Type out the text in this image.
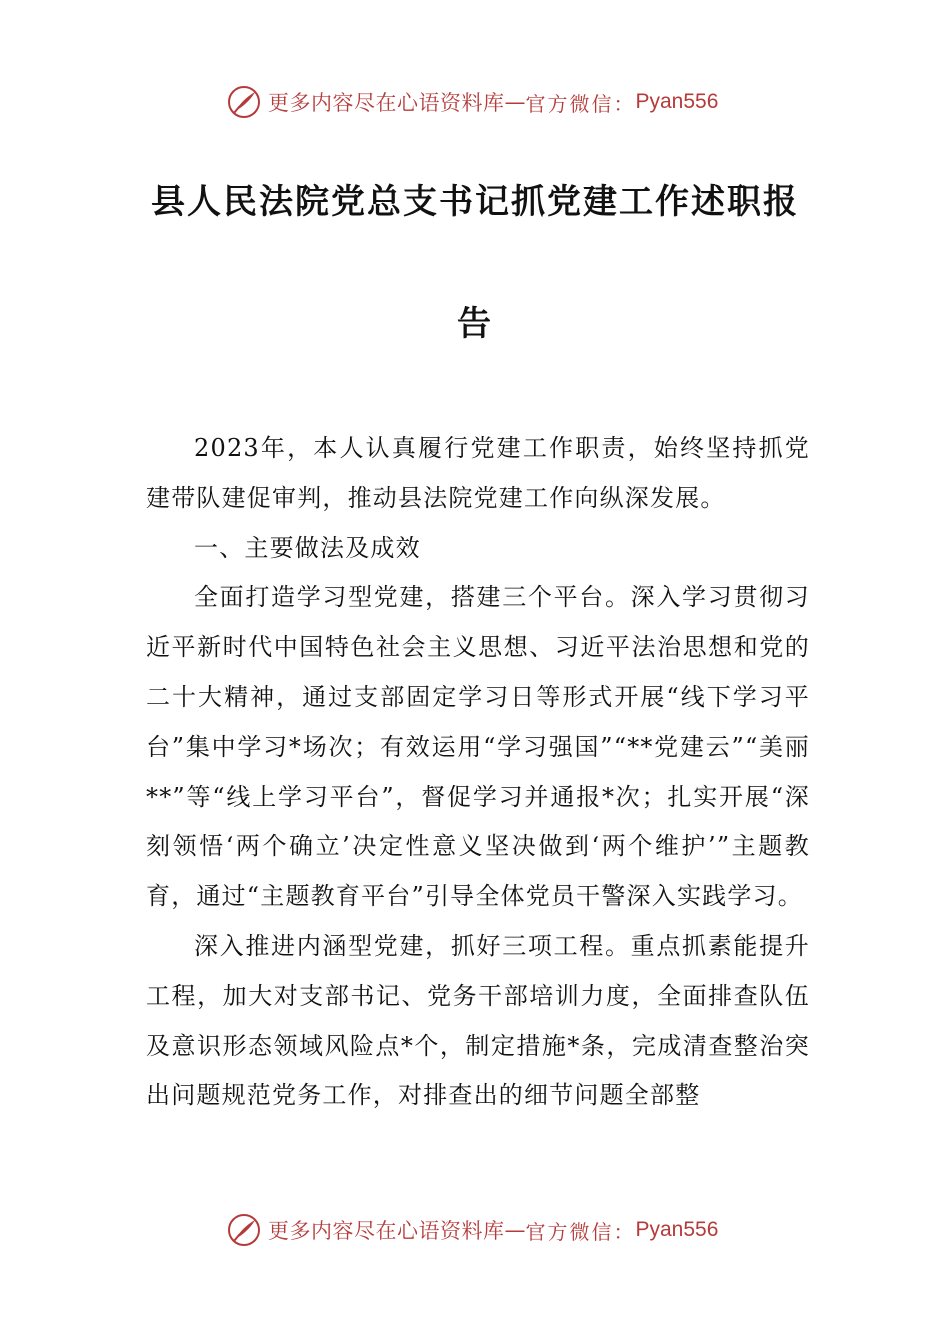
更多内容尽在心语资料库 — 官方微信： Pyan556
县人民法院党总支书记抓党建工作述职报
告

2023年，本人认真履行党建工作职责，始终坚持抓党建带队建促审判，推动县法院党建工作向纵深发展。

一、主要做法及成效

全面打造学习型党建，搭建三个平台。深入学习贯彻习近平新时代中国特色社会主义思想、习近平法治思想和党的二十大精神，通过支部固定学习日等形式开展“线下学习平台”集中学习*场次；有效运用“学习强国”“**党建云”“美丽**”等“线上学习平台”，督促学习并通报*次；扎实开展“深刻领悟‘两个确立’决定性意义坚决做到‘两个维护’”主题教育，通过“主题教育平台”引导全体党员干警深入实践学习。

深入推进内涵型党建，抓好三项工程。重点抓素能提升工程，加大对支部书记、党务干部培训力度，全面排查队伍及意识形态领域风险点*个，制定措施*条，完成清查整治突出问题规范党务工作，对排查出的细节问题全部整

更多内容尽在心语资料库 — 官方微信： Pyan556
